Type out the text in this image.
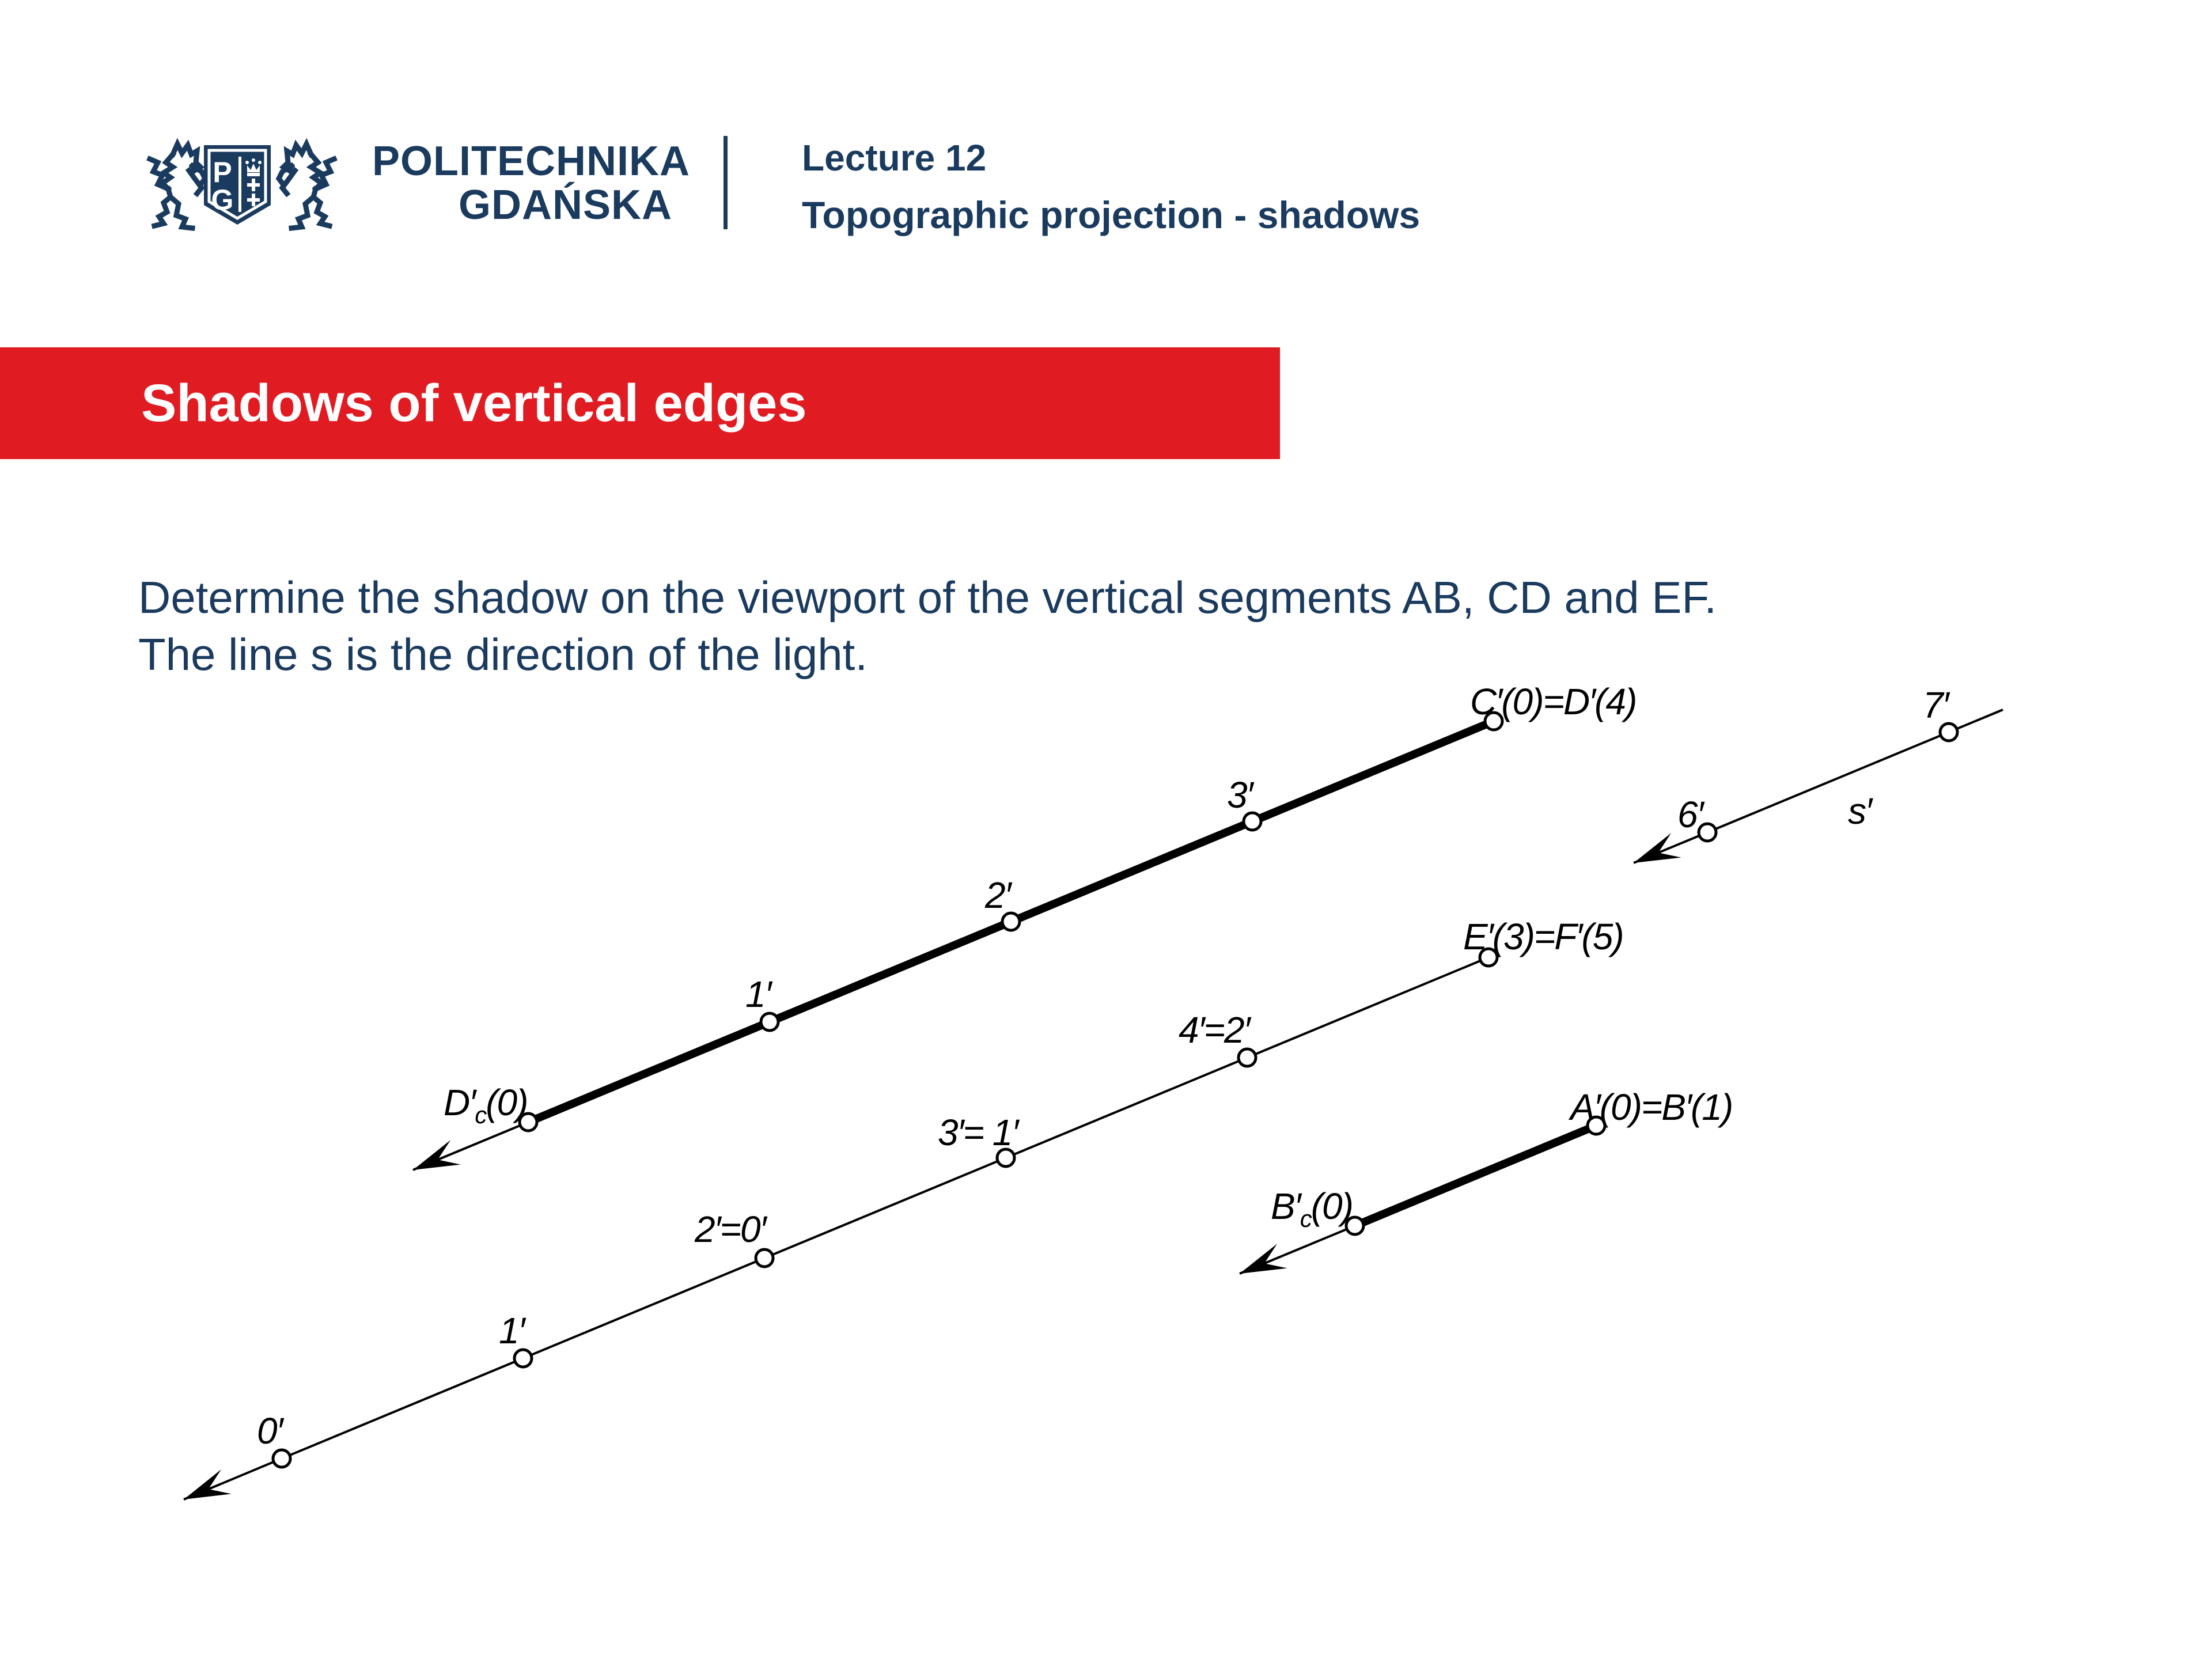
P
G
POLITECHNIKA
GDAŃSKA
Lecture 12
Topographic projection - shadows
Shadows of vertical edges
Determine the shadow on the viewport of the vertical segments AB, CD and EF.
The line s is the direction of the light.
$D'_c(0)$
1′
2′
3′
C′(0)=D′(4)
0′
1′
2′=0′
3′= 1′
4′=2′
E′(3)=F′(5)
A′(0)=B′(1)
$B'_c(0)$
6′
7′
s′
